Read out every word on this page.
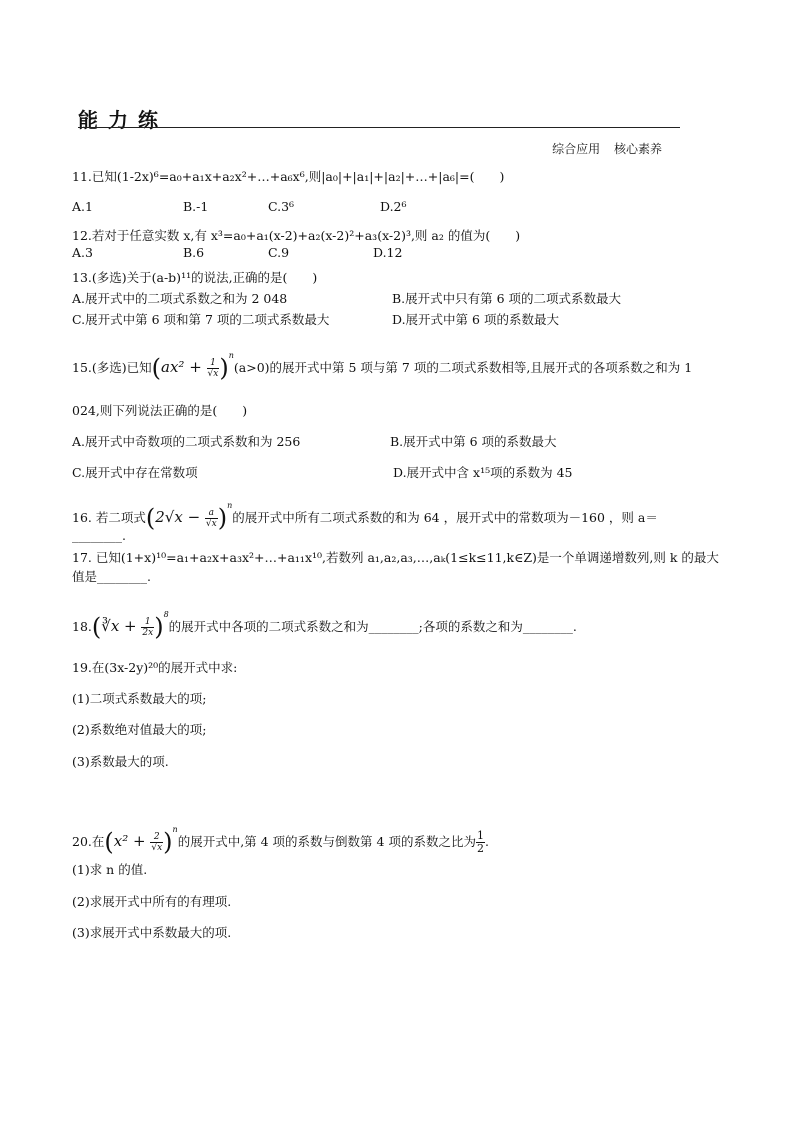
能力练
综合应用 核心素养
11.已知(1-2x)⁶=a₀+a₁x+a₂x²+…+a₆x⁶,则|a₀|+|a₁|+|a₂|+…+|a₆|=(　　)
A.1	B.-1	C.3⁶	D.2⁶
12.若对于任意实数 x,有 x³=a₀+a₁(x-2)+a₂(x-2)²+a₃(x-2)³,则 a₂ 的值为(　　)
A.3	B.6	C.9	D.12
13.(多选)关于(a-b)¹¹的说法,正确的是(　　)
A.展开式中的二项式系数之和为 2 048	B.展开式中只有第 6 项的二项式系数最大
C.展开式中第 6 项和第 7 项的二项式系数最大	D.展开式中第 6 项的系数最大
15.(多选)已知$(ax^2 + \frac{1}{√x} )^n(a>0)$的展开式中第 5 项与第 7 项的二项式系数相等,且展开式的各项系数之和为 1
024,则下列说法正确的是(　　)
A.展开式中奇数项的二项式系数和为 256	B.展开式中第 6 项的系数最大
C.展开式中存在常数项	D.展开式中含 x¹⁵项的系数为 45
16. 若二项式$(2√x - \frac{a}{√x} )^n$的展开式中所有二项式系数的和为 64 ，展开式中的常数项为－160 ，则 a＝
________.
17. 已知(1+x)¹⁰=a₁+a₂x+a₃x²+…+a₁₁x¹⁰,若数列 a₁,a₂,a₃,…,aₖ(1≤k≤11,k∈Z)是一个单调递增数列,则 k 的最大
值是________.
18.(∛x + $\frac{1}{2x} )^8$的展开式中各项的二项式系数之和为________;各项的系数之和为________.
19.在(3x-2y)²⁰的展开式中求:
(1)二项式系数最大的项;
(2)系数绝对值最大的项;
(3)系数最大的项.
20.在$(x^2 + \frac{2}{√x} )^n$的展开式中,第 4 项的系数与倒数第 4 项的系数之比为 $\frac{1}{2}$ .
(1)求 n 的值.
(2)求展开式中所有的有理项.
(3)求展开式中系数最大的项.
